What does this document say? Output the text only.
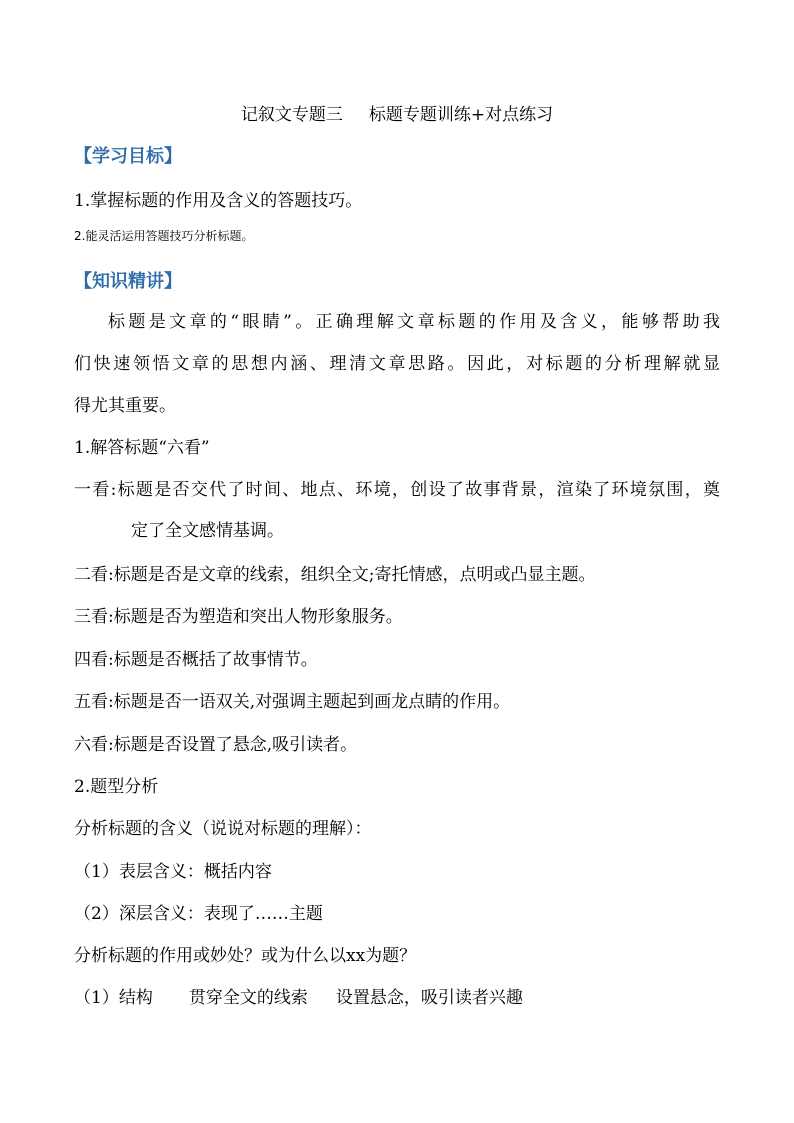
记叙文专题三 标题专题训练+对点练习
【学习目标】
1.掌握标题的作用及含义的答题技巧。
2.能灵活运用答题技巧分析标题。
【知识精讲】
标题是文章的“眼睛”。正确理解文章标题的作用及含义，能够帮助我
们快速领悟文章的思想内涵、理清文章思路。因此，对标题的分析理解就显
得尤其重要。
1.解答标题“六看”
一看:标题是否交代了时间、地点、环境，创设了故事背景，渲染了环境氛围，奠
定了全文感情基调。
二看:标题是否是文章的线索，组织全文;寄托情感，点明或凸显主题。
三看:标题是否为塑造和突出人物形象服务。
四看:标题是否概括了故事情节。
五看:标题是否一语双关,对强调主题起到画龙点睛的作用。
六看:标题是否设置了悬念,吸引读者。
2.题型分析
分析标题的含义（说说对标题的理解）：
（1）表层含义：概括内容
（2）深层含义：表现了……主题
分析标题的作用或妙处？或为什么以xx为题？
（1）结构 贯穿全文的线索 设置悬念，吸引读者兴趣
